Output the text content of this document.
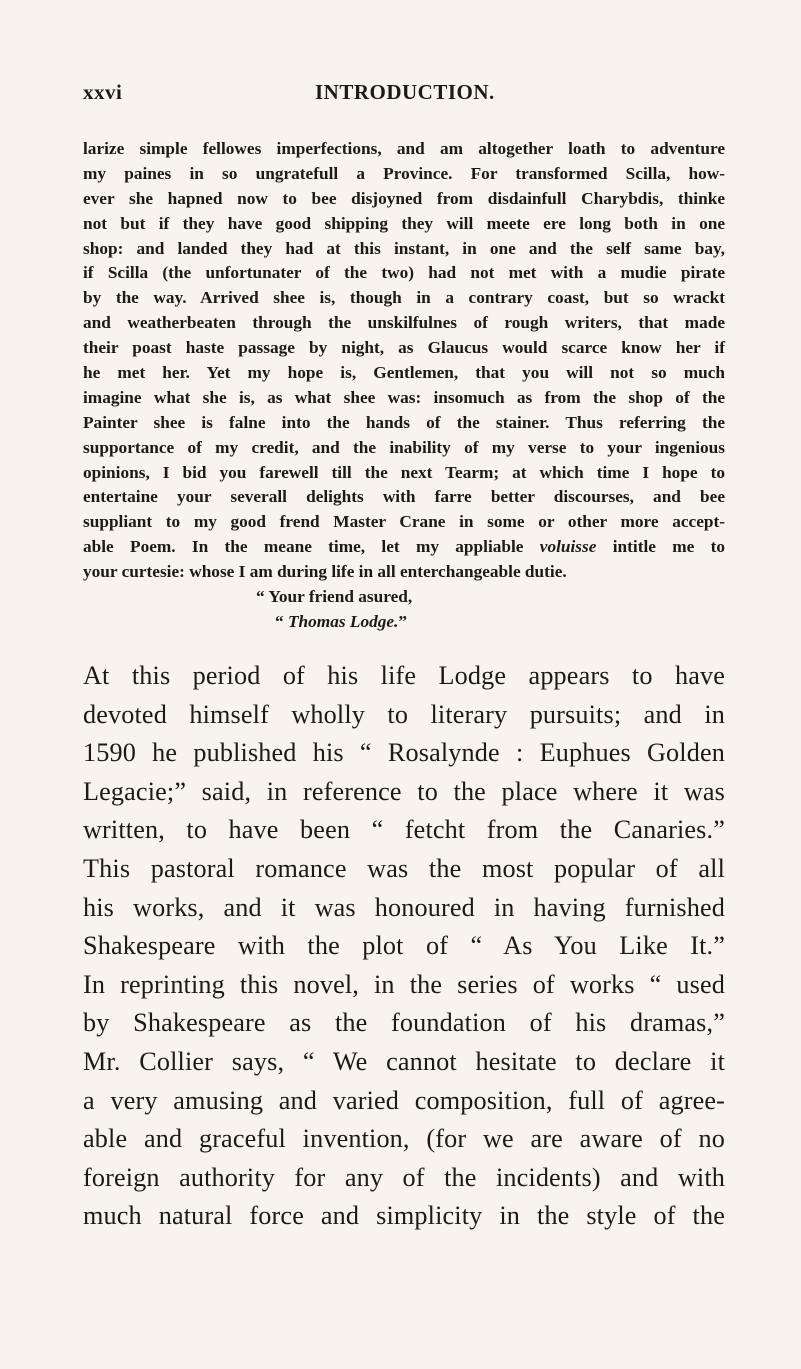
xxvi	INTRODUCTION.
larize simple fellowes imperfections, and am altogether loath to adventure
my paines in so ungratefull a Province. For transformed Scilla, how-
ever she hapned now to bee disjoyned from disdainfull Charybdis, thinke
not but if they have good shipping they will meete ere long both in one
shop: and landed they had at this instant, in one and the self same bay,
if Scilla (the unfortunater of the two) had not met with a mudie pirate
by the way. Arrived shee is, though in a contrary coast, but so wrackt
and weatherbeaten through the unskilfulnes of rough writers, that made
their poast haste passage by night, as Glaucus would scarce know her if
he met her. Yet my hope is, Gentlemen, that you will not so much
imagine what she is, as what shee was: insomuch as from the shop of the
Painter shee is falne into the hands of the stainer. Thus referring the
supportance of my credit, and the inability of my verse to your ingenious
opinions, I bid you farewell till the next Tearm; at which time I hope to
entertaine your severall delights with farre better discourses, and bee
suppliant to my good frend Master Crane in some or other more accept-
able Poem. In the meane time, let my appliable voluisse intitle me to
your curtesie: whose I am during life in all enterchangeable dutie.
“ Your friend asured,
“ Thomas Lodge.”
At this period of his life Lodge appears to have
devoted himself wholly to literary pursuits; and in
1590 he published his “ Rosalynde : Euphues Golden
Legacie;” said, in reference to the place where it was
written, to have been “ fetcht from the Canaries.”
This pastoral romance was the most popular of all
his works, and it was honoured in having furnished
Shakespeare with the plot of “ As You Like It.”
In reprinting this novel, in the series of works “ used
by Shakespeare as the foundation of his dramas,”
Mr. Collier says, “ We cannot hesitate to declare it
a very amusing and varied composition, full of agree-
able and graceful invention, (for we are aware of no
foreign authority for any of the incidents) and with
much natural force and simplicity in the style of the
